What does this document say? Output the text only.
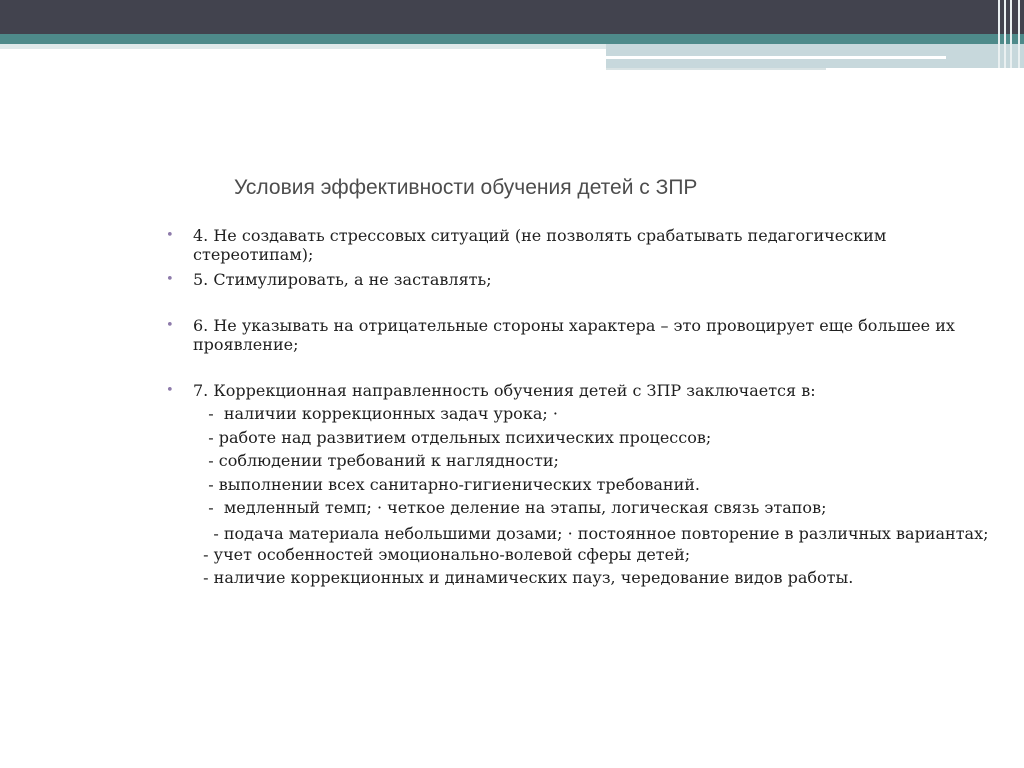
Условия эффективности обучения детей с ЗПР
• 4. Не создавать стрессовых ситуаций (не позволять срабатывать педагогическим стереотипам);
• 5. Стимулировать, а не заставлять;
• 6. Не указывать на отрицательные стороны характера – это провоцирует еще большее их проявление;
• 7. Коррекционная направленность обучения детей с ЗПР заключается в:
-  наличии коррекционных задач урока; ·
- работе над развитием отдельных психических процессов;
- соблюдении требований к наглядности;
- выполнении всех санитарно-гигиенических требований.
-  медленный темп; · четкое деление на этапы, логическая связь этапов;
- подача материала небольшими дозами; · постоянное повторение в различных вариантах;
- учет особенностей эмоционально-волевой сферы детей;
- наличие коррекционных и динамических пауз, чередование видов работы.
